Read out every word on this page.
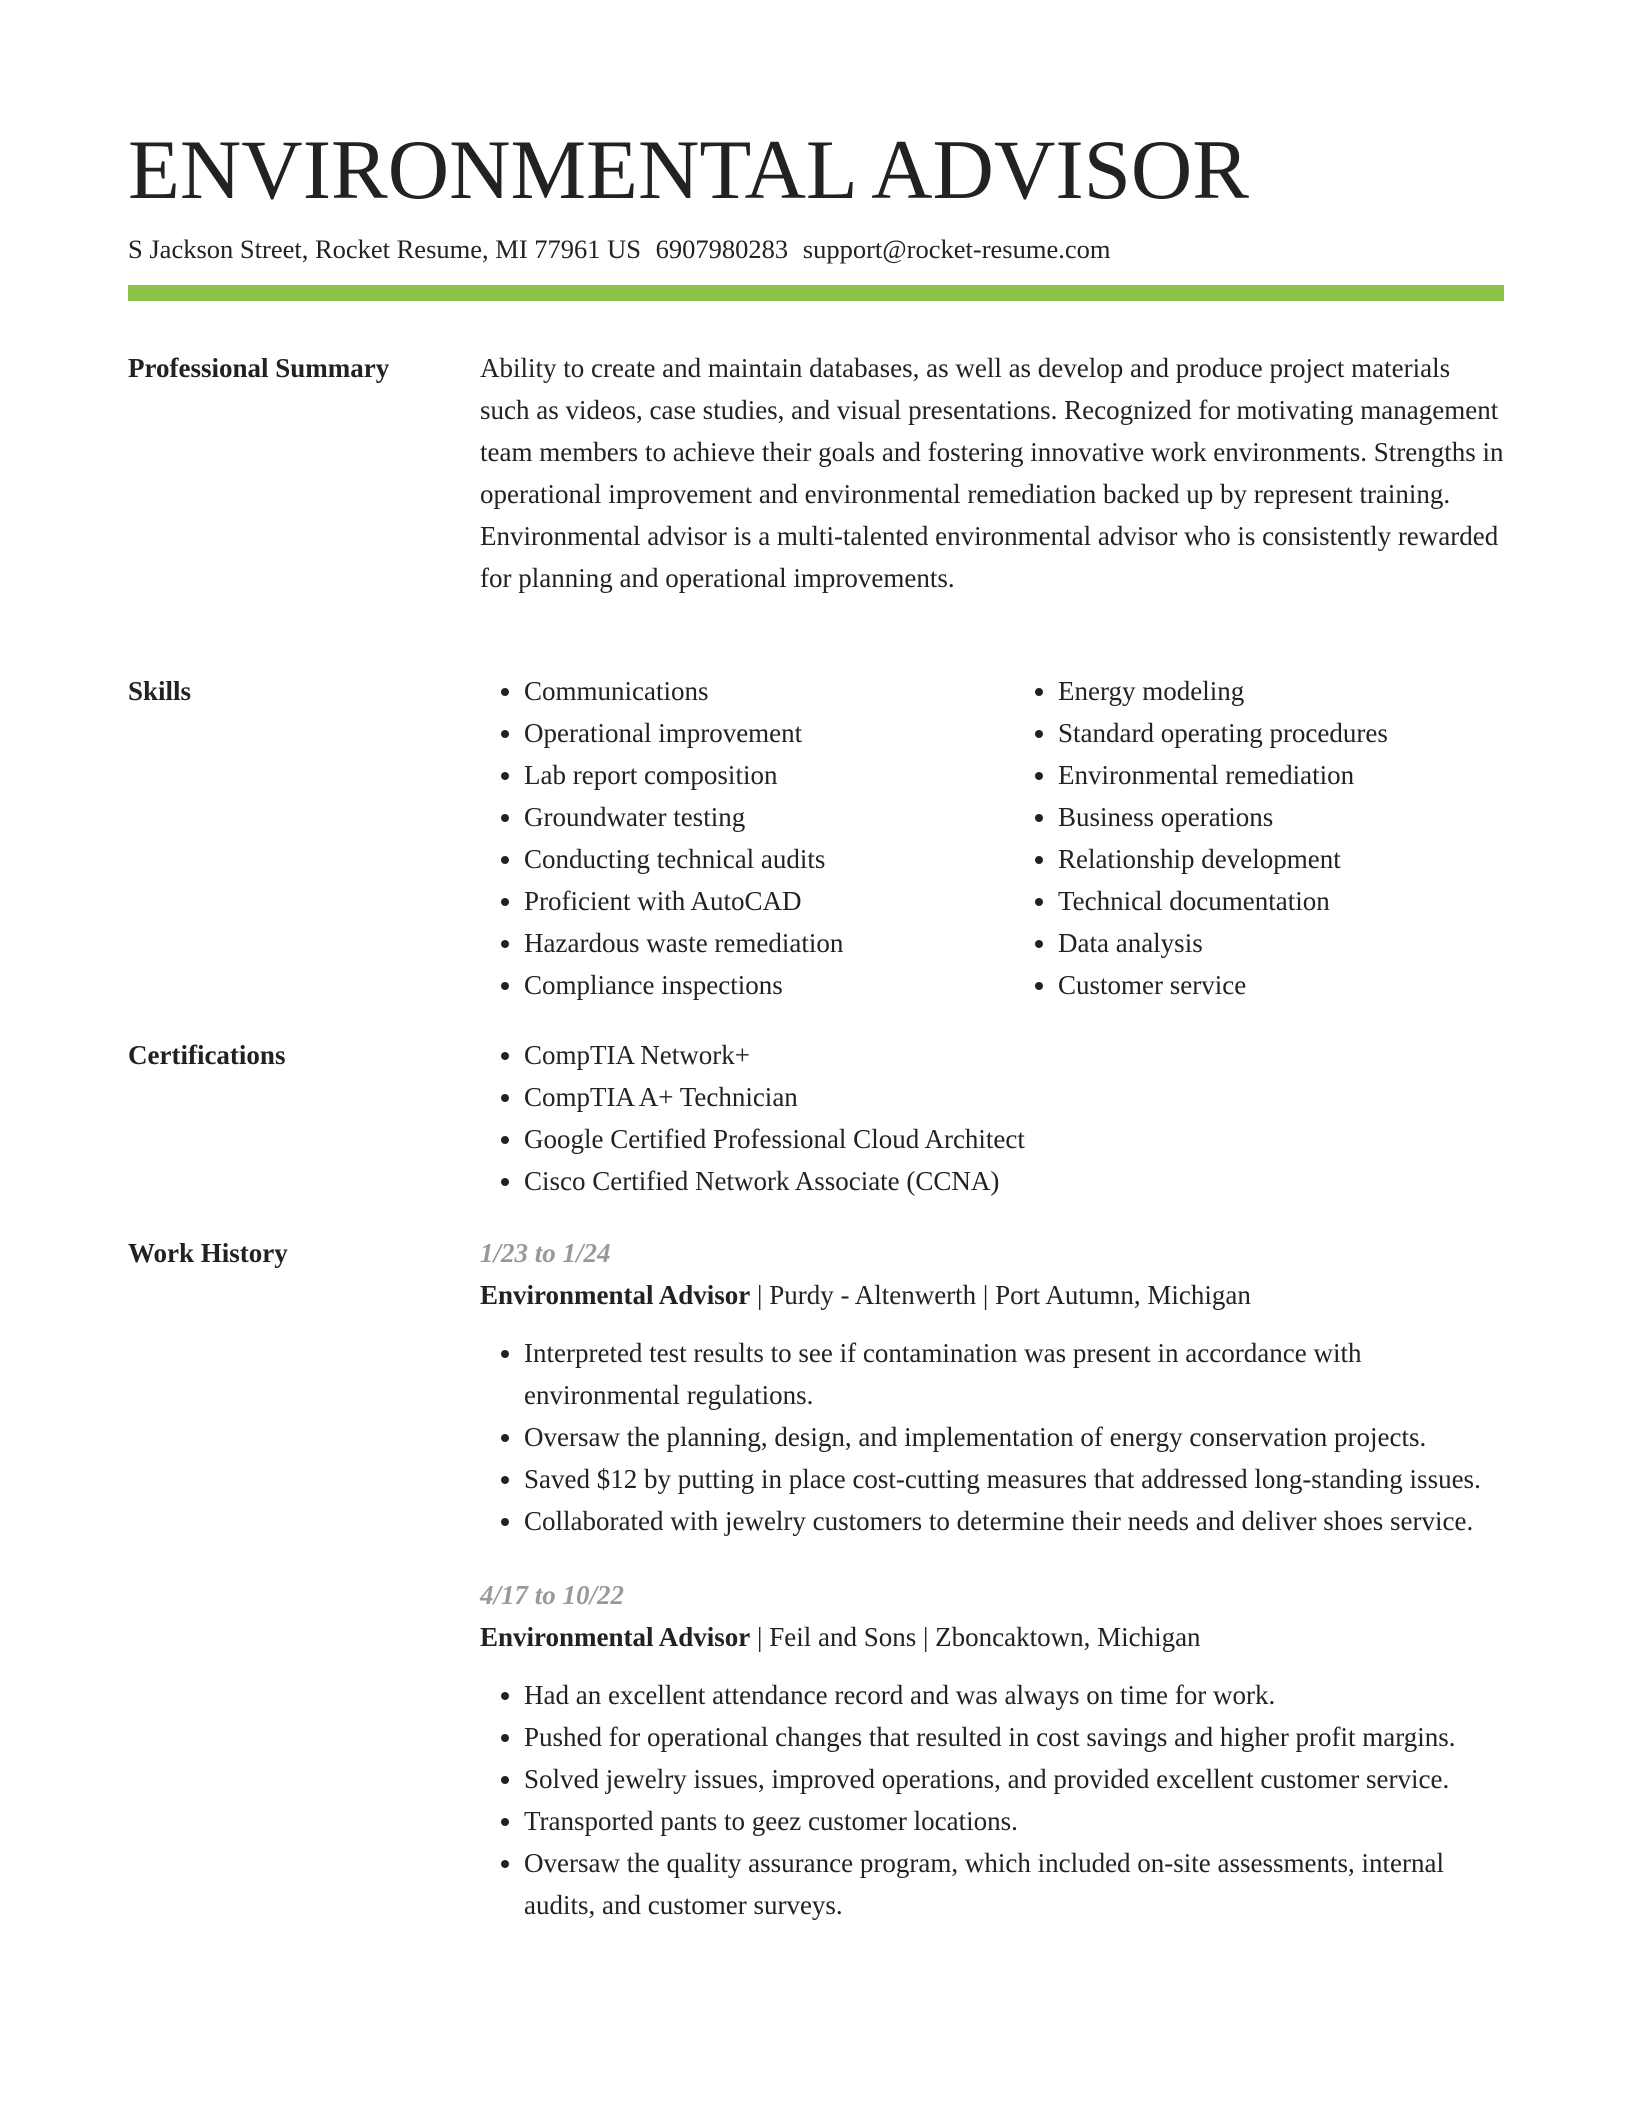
ENVIRONMENTAL ADVISOR
S Jackson Street, Rocket Resume, MI 77961 US 6907980283 support@rocket-resume.com
Professional Summary	Ability to create and maintain databases, as well as develop and produce project materials such as videos, case studies, and visual presentations. Recognized for motivating management team members to achieve their goals and fostering innovative work environments. Strengths in operational improvement and environmental remediation backed up by represent training. Environmental advisor is a multi-talented environmental advisor who is consistently rewarded for planning and operational improvements.

Skills	• Communications
• Operational improvement
• Lab report composition
• Groundwater testing
• Conducting technical audits
• Proficient with AutoCAD
• Hazardous waste remediation
• Compliance inspections
• Energy modeling
• Standard operating procedures
• Environmental remediation
• Business operations
• Relationship development
• Technical documentation
• Data analysis
• Customer service
Certifications	• CompTIA Network+
• CompTIA A+ Technician
• Google Certified Professional Cloud Architect
• Cisco Certified Network Associate (CCNA)
Work History	1/23 to 1/24
Environmental Advisor | Purdy - Altenwerth | Port Autumn, Michigan
• Interpreted test results to see if contamination was present in accordance with environmental regulations.
• Oversaw the planning, design, and implementation of energy conservation projects.
• Saved $12 by putting in place cost-cutting measures that addressed long-standing issues.
• Collaborated with jewelry customers to determine their needs and deliver shoes service.
4/17 to 10/22
Environmental Advisor | Feil and Sons | Zboncaktown, Michigan
• Had an excellent attendance record and was always on time for work.
• Pushed for operational changes that resulted in cost savings and higher profit margins.
• Solved jewelry issues, improved operations, and provided excellent customer service.
• Transported pants to geez customer locations.
• Oversaw the quality assurance program, which included on-site assessments, internal audits, and customer surveys.
